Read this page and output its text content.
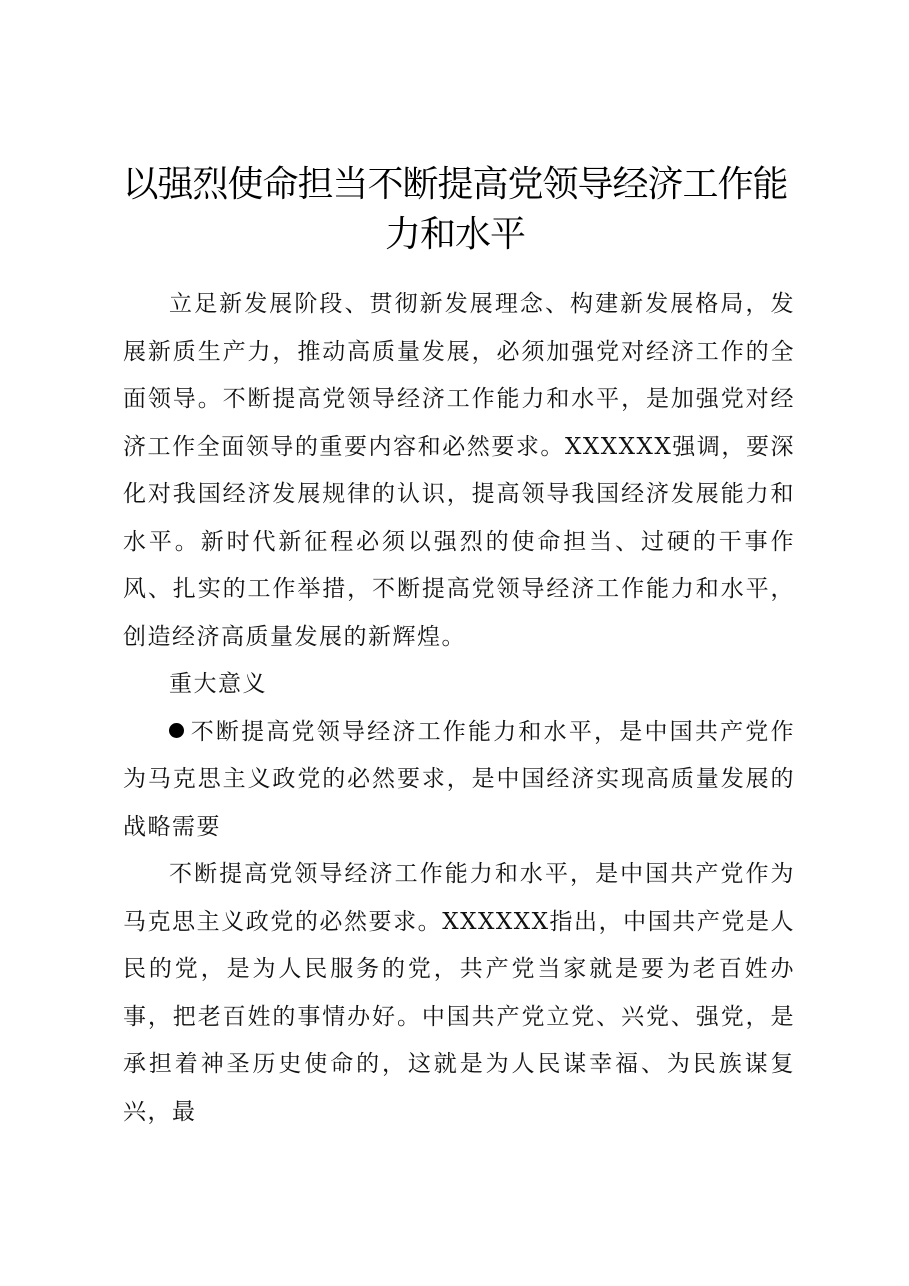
以强烈使命担当不断提高党领导经济工作能力和水平

立足新发展阶段、贯彻新发展理念、构建新发展格局，发展新质生产力，推动高质量发展，必须加强党对经济工作的全面领导。不断提高党领导经济工作能力和水平，是加强党对经济工作全面领导的重要内容和必然要求。XXXXXX强调，要深化对我国经济发展规律的认识，提高领导我国经济发展能力和水平。新时代新征程必须以强烈的使命担当、过硬的干事作风、扎实的工作举措，不断提高党领导经济工作能力和水平，创造经济高质量发展的新辉煌。

重大意义

不断提高党领导经济工作能力和水平，是中国共产党作为马克思主义政党的必然要求，是中国经济实现高质量发展的战略需要

不断提高党领导经济工作能力和水平，是中国共产党作为马克思主义政党的必然要求。XXXXXX指出，中国共产党是人民的党，是为人民服务的党，共产党当家就是要为老百姓办事，把老百姓的事情办好。中国共产党立党、兴党、强党，是承担着神圣历史使命的，这就是为人民谋幸福、为民族谋复兴，最
